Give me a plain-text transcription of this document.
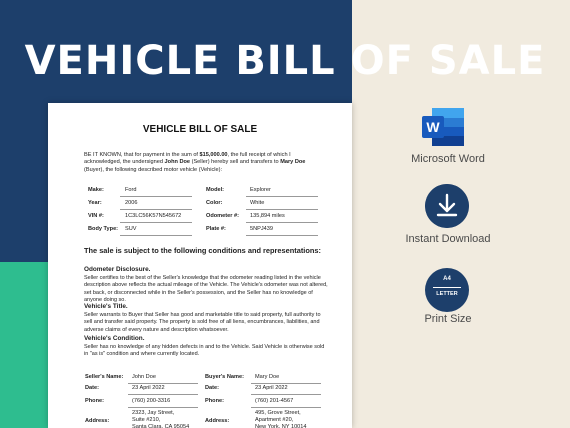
VEHICLE BILL OF SALE
VEHICLE BILL OF SALE
BE IT KNOWN, that for payment in the sum of $15,000.00, the full receipt of which I acknowledged, the undersigned John Doe (Seller) hereby sell and transfers to Mary Doe (Buyer), the following described motor vehicle (Vehicle):
Make:	Ford	Model:	Explorer
Year:	2006	Color:	White
VIN #:	1C3LC56K57N545672	Odometer #: 135,894 miles
Body Type: SUV	Plate #:	5NPJ439
The sale is subject to the following conditions and representations:
Odometer Disclosure.
Seller certifies to the best of the Seller's knowledge that the odometer reading listed in the vehicle description above reflects the actual mileage of the Vehicle. The Vehicle's odometer was not altered, set back, or disconnected while in the Seller's possession, and the Seller has no knowledge of anyone doing so.
Vehicle's Title.
Seller warrants to Buyer that Seller has good and marketable title to said property, full authority to sell and transfer said property. The property is sold free of all liens, encumbrances, liabilities, and adverse claims of every nature and description whatsoever.
Vehicle's Condition.
Seller has no knowledge of any hidden defects in and to the Vehicle. Said Vehicle is otherwise sold in "as is" condition and where currently located.
Seller's Name: John Doe	Buyer's Name: Mary Doe
Date:	23 April 2022	Date:	23 April 2022
Phone:	(760) 200-3316	Phone:	(760) 201-4567
Address:
2323, Jay Street,
Suite #210,
Santa Clara, CA 95054
Address:
495, Grove Street,
Apartment #20,
New York, NY 10014
W
Microsoft Word
Instant Download
A4
LETTER
Print Size
